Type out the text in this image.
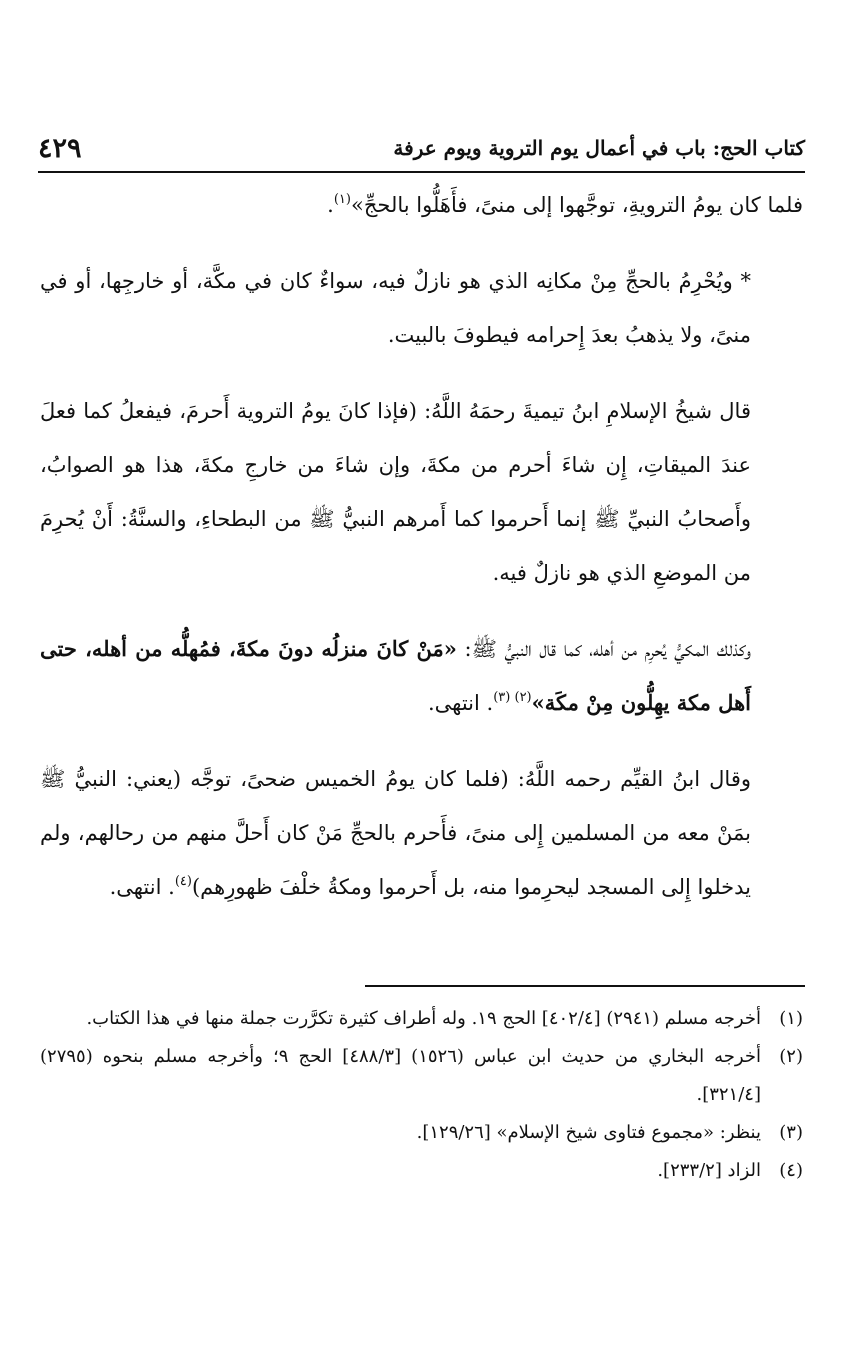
٤٢٩	كتاب الحج: باب في أعمال يوم التروية ويوم عرفة

فلما كان يومُ الترويةِ، توجَّهوا إلى منىً، فأَهَلُّوا بالحجِّ»$^{(١)}$.

* ويُحْرِمُ بالحجِّ مِنْ مكانِه الذي هو نازلٌ فيه، سواءٌ كان في مكَّة، أو خارجِها، أو في منىً، ولا يذهبُ بعدَ إِحرامه فيطوفَ بالبيت.

قال شيخُ الإسلامِ ابنُ تيميةَ رحمَهُ اللَّهُ: (فإذا كانَ يومُ التروية أَحرمَ، فيفعلُ كما فعلَ عندَ الميقاتِ، إِن شاءَ أحرم من مكةَ، وإن شاءَ من خارجِ مكةَ، هذا هو الصوابُ، وأَصحابُ النبيِّ ﷺ إنما أَحرموا كما أَمرهم النبيُّ ﷺ من البطحاءِ، والسنَّةُ: أَنْ يُحرِمَ من الموضعِ الذي هو نازلٌ فيه.

وكذلك المكيُّ يُحرِم من أهله، كما قال النبيُّ ﷺ: «مَنْ كانَ منزلُه دونَ مكةَ، فمُهلُّه من أهله، حتى أَهل مكة يهِلُّون مِنْ مكَة»$^{(٢) (٣)}$. انتهى.

وقال ابنُ القيِّم رحمه اللَّهُ: (فلما كان يومُ الخميس ضحىً، توجَّه (يعني: النبيُّ ﷺ بمَنْ معه من المسلمين إِلى منىً، فأَحرم بالحجِّ مَنْ كان أَحلَّ منهم من رحالهم، ولم يدخلوا إِلى المسجد ليحرِموا منه، بل أَحرموا ومكةُ خلْفَ ظهورِهم)$^{(٤)}$. انتهى.

(١)
أخرجه مسلم (٢٩٤١) [٤٠٢/٤] الحج ١٩. وله أطراف كثيرة تكرَّرت جملة منها في هذا الكتاب.
(٢)
أخرجه البخاري من حديث ابن عباس (١٥٢٦) [٤٨٨/٣] الحج ٩؛ وأخرجه مسلم بنحوه (٢٧٩٥) [٣٢١/٤].
(٣)
ينظر: «مجموع فتاوى شيخ الإسلام» [١٢٩/٢٦].
(٤)
الزاد [٢٣٣/٢].
